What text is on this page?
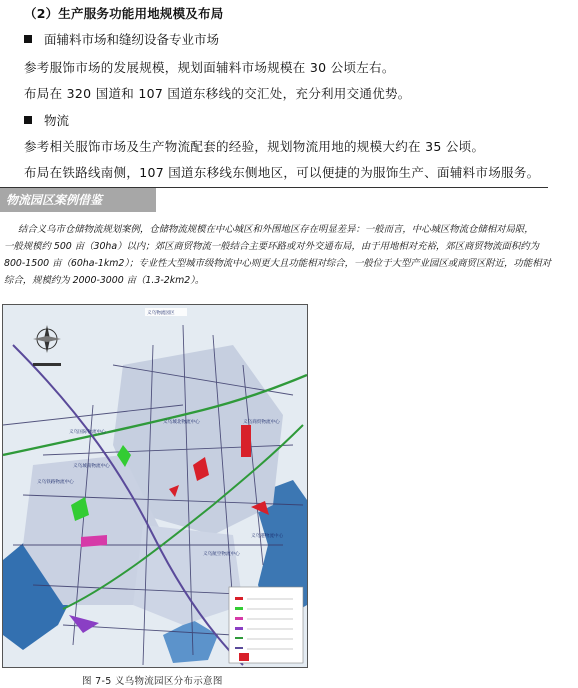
（2）生产服务功能用地规模及布局
面辅料市场和缝纫设备专业市场
参考服饰市场的发展规模，规划面辅料市场规模在 30 公顷左右。
布局在 320 国道和 107 国道东移线的交汇处，充分利用交通优势。
物流
参考相关服饰市场及生产物流配套的经验，规划物流用地的规模大约在 35 公顷。
布局在铁路线南侧，107 国道东移线东侧地区，可以便捷的为服饰生产、面辅料市场服务。
物流园区案例借鉴

结合义乌市仓储物流规划案例，仓储物流规模在中心城区和外围地区存在明显差异：一般而言，中心城区物流仓储相对局限，

一般规模约 500 亩（30ha）以内；郊区商贸物流一般结合主要环路或对外交通布局，由于用地相对充裕，郊区商贸物流面积约为
800-1500 亩（60ha-1km2）；专业性大型城市级物流中心则更大且功能相对综合，一般位于大型产业园区或商贸区附近，功能相对
综合，规模约为 2000-3000 亩（1.3-2km2）。
义乌物流园区
义乌商贸物流中心
义乌城北物流中心
义乌国际物流中心
义乌城南物流中心
义乌铁路物流中心
义乌航空物流中心
义乌港物流中心
图 7-5 义乌物流园区分布示意图
